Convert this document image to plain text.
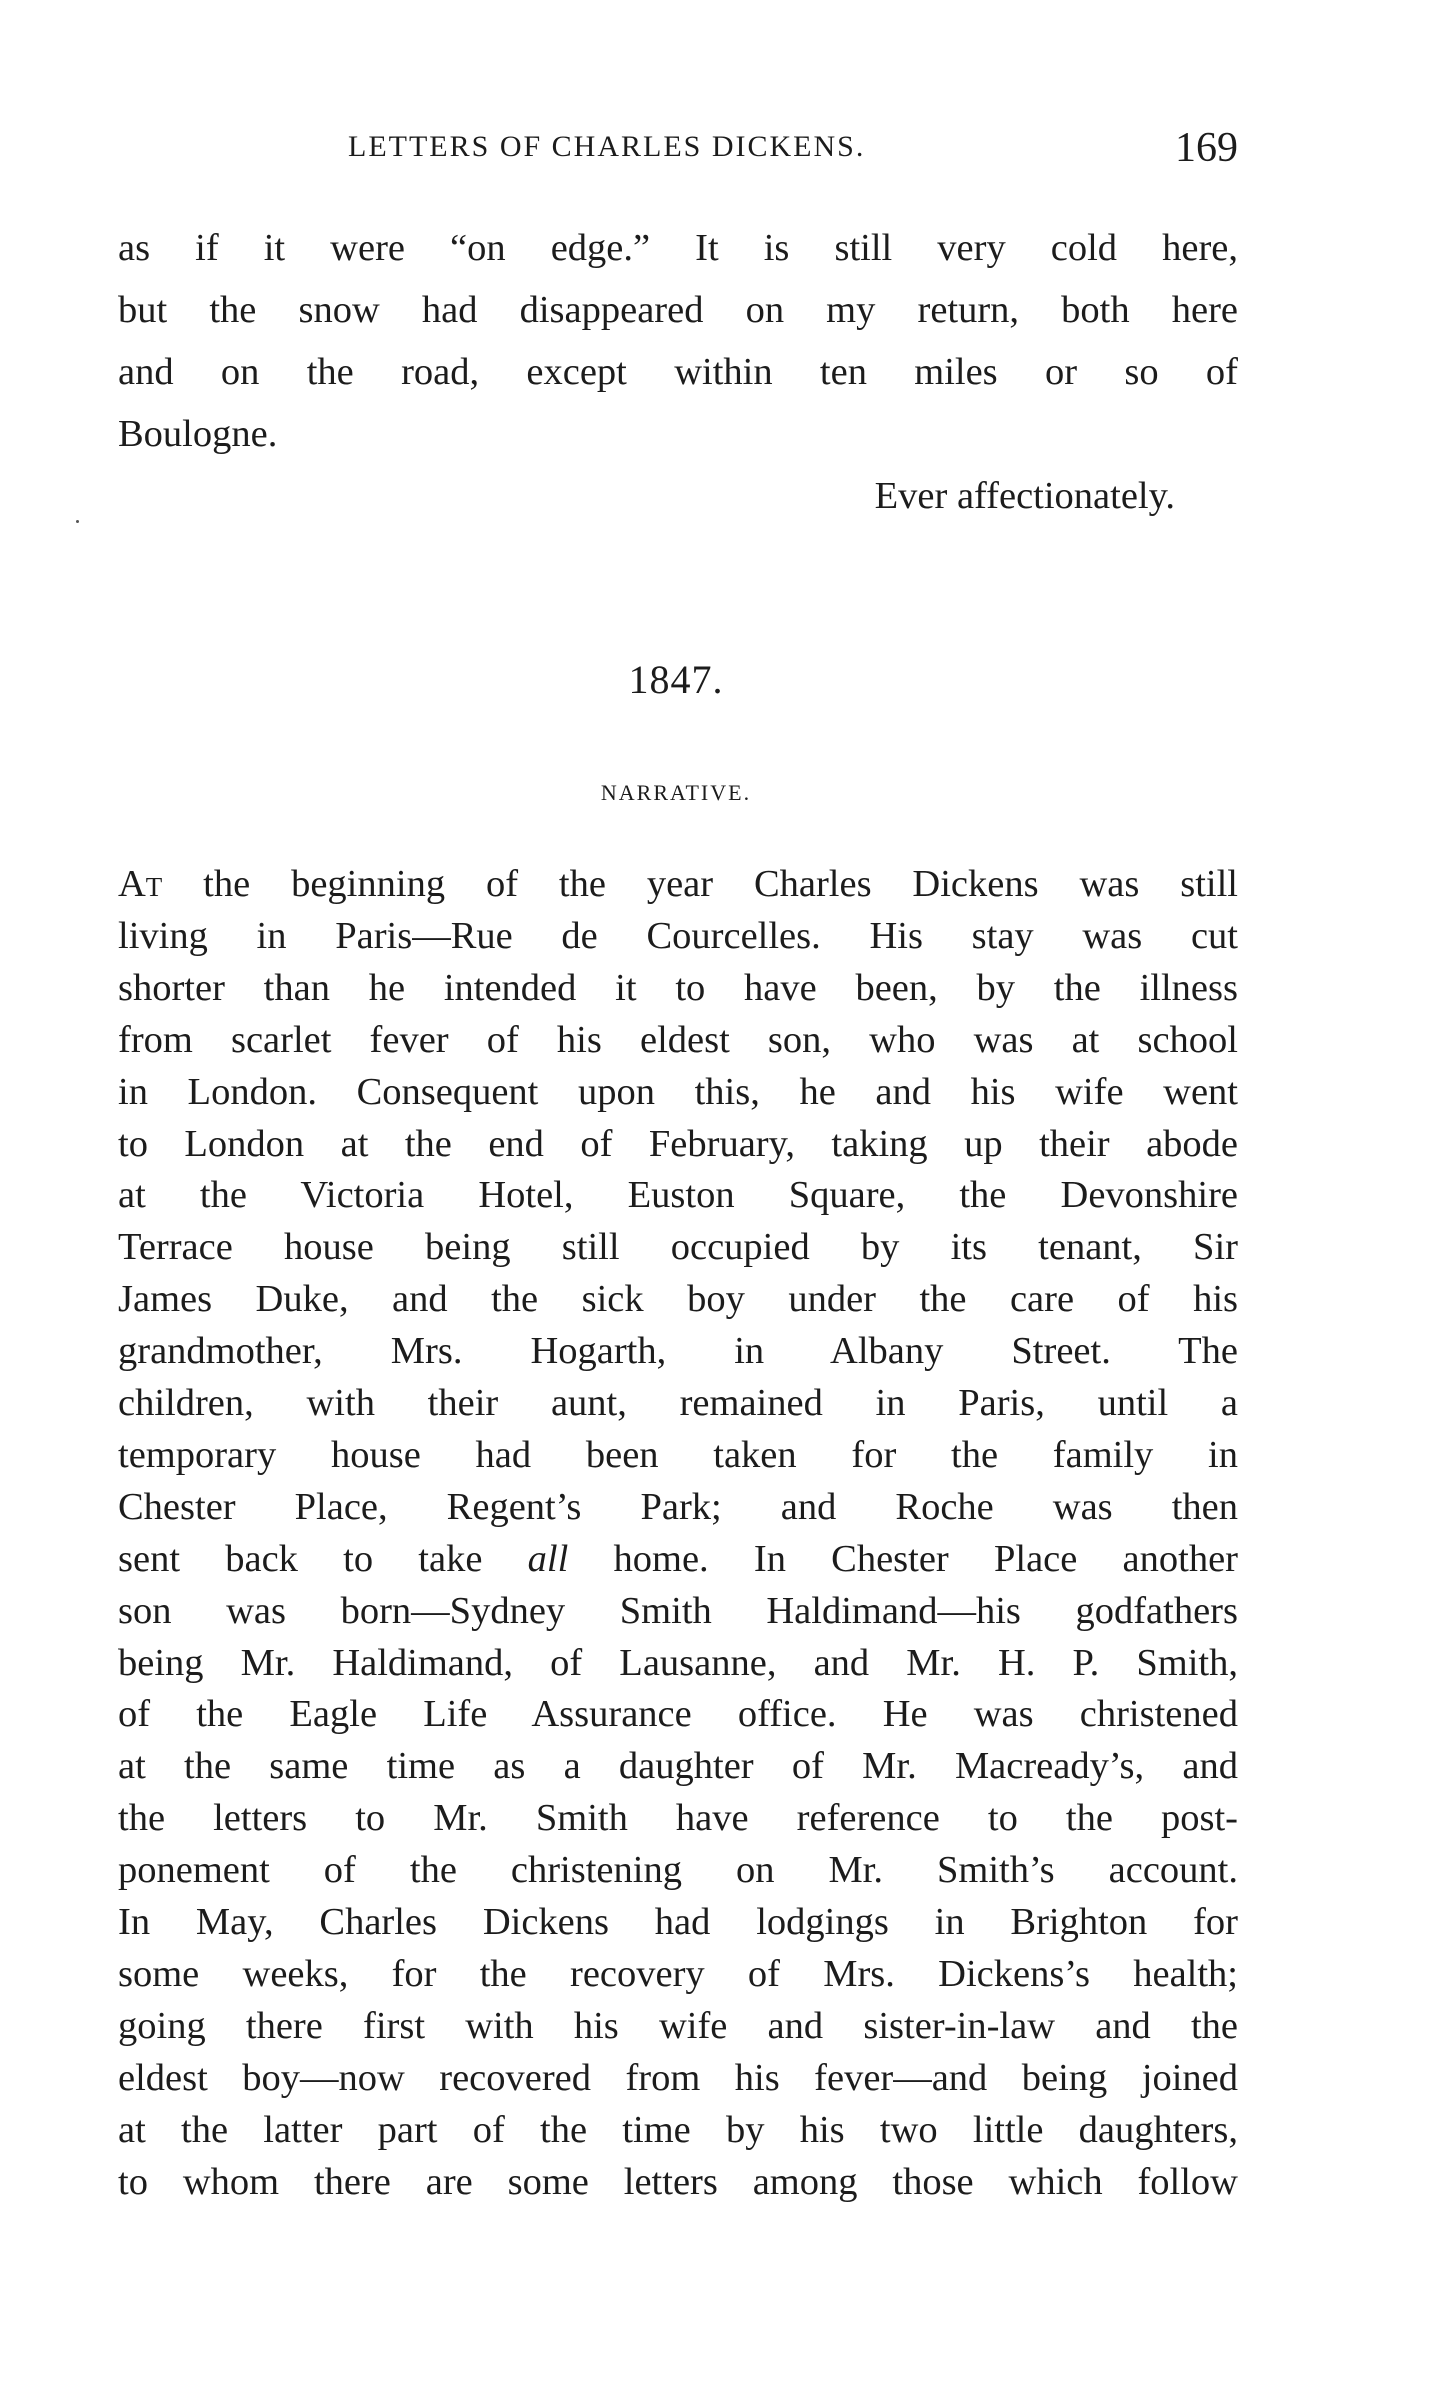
LETTERS OF CHARLES DICKENS.	169
as if it were “on edge.” It is still very cold here,
but the snow had disappeared on my return, both here
and on the road, except within ten miles or so of
Boulogne.
Ever affectionately.
1847.
NARRATIVE.
At the beginning of the year Charles Dickens was still
living in Paris—Rue de Courcelles. His stay was cut
shorter than he intended it to have been, by the illness
from scarlet fever of his eldest son, who was at school
in London. Consequent upon this, he and his wife went
to London at the end of February, taking up their abode
at the Victoria Hotel, Euston Square, the Devonshire
Terrace house being still occupied by its tenant, Sir
James Duke, and the sick boy under the care of his
grandmother, Mrs. Hogarth, in Albany Street. The
children, with their aunt, remained in Paris, until a
temporary house had been taken for the family in
Chester Place, Regent’s Park; and Roche was then
sent back to take all home. In Chester Place another
son was born—Sydney Smith Haldimand—his godfathers
being Mr. Haldimand, of Lausanne, and Mr. H. P. Smith,
of the Eagle Life Assurance office. He was christened
at the same time as a daughter of Mr. Macready’s, and
the letters to Mr. Smith have reference to the post-
ponement of the christening on Mr. Smith’s account.
In May, Charles Dickens had lodgings in Brighton for
some weeks, for the recovery of Mrs. Dickens’s health;
going there first with his wife and sister-in-law and the
eldest boy—now recovered from his fever—and being joined
at the latter part of the time by his two little daughters,
to whom there are some letters among those which follow
